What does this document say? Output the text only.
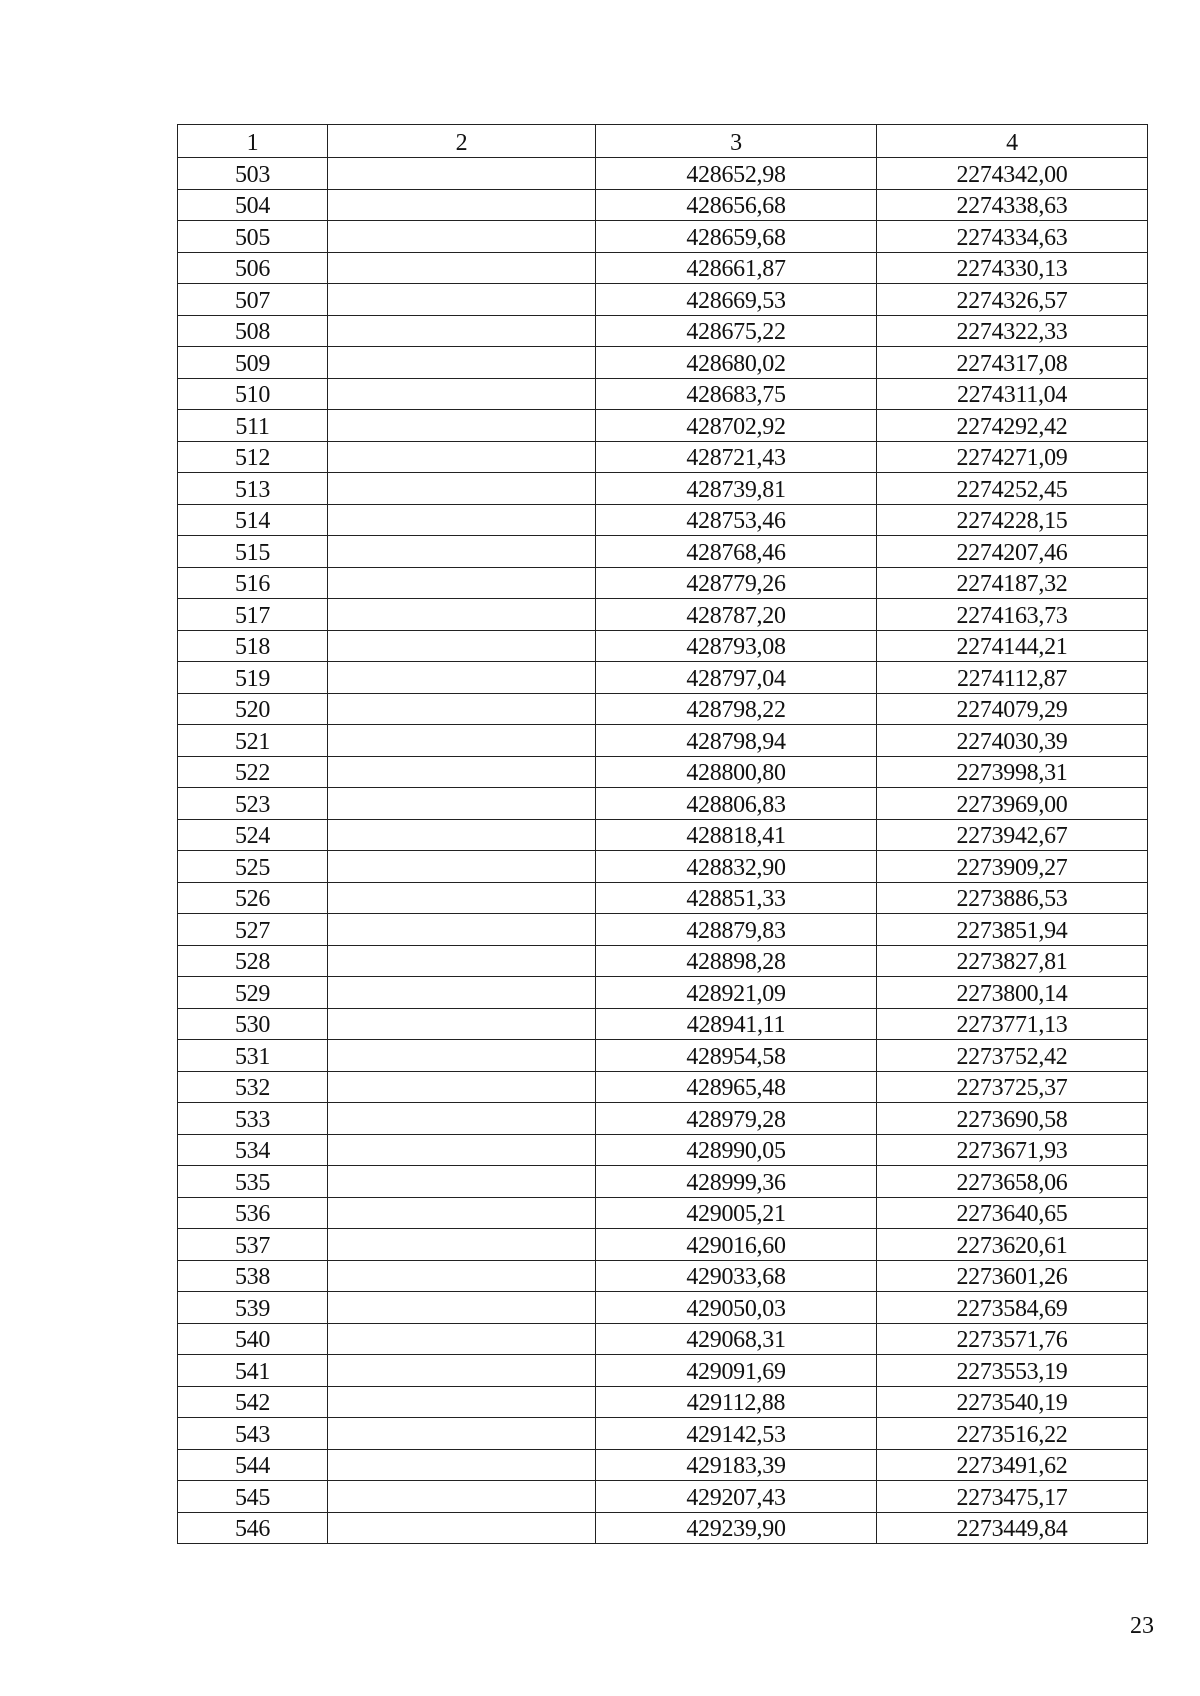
1	2	3	4
503		428652,98	2274342,00
504		428656,68	2274338,63
505		428659,68	2274334,63
506		428661,87	2274330,13
507		428669,53	2274326,57
508		428675,22	2274322,33
509		428680,02	2274317,08
510		428683,75	2274311,04
511		428702,92	2274292,42
512		428721,43	2274271,09
513		428739,81	2274252,45
514		428753,46	2274228,15
515		428768,46	2274207,46
516		428779,26	2274187,32
517		428787,20	2274163,73
518		428793,08	2274144,21
519		428797,04	2274112,87
520		428798,22	2274079,29
521		428798,94	2274030,39
522		428800,80	2273998,31
523		428806,83	2273969,00
524		428818,41	2273942,67
525		428832,90	2273909,27
526		428851,33	2273886,53
527		428879,83	2273851,94
528		428898,28	2273827,81
529		428921,09	2273800,14
530		428941,11	2273771,13
531		428954,58	2273752,42
532		428965,48	2273725,37
533		428979,28	2273690,58
534		428990,05	2273671,93
535		428999,36	2273658,06
536		429005,21	2273640,65
537		429016,60	2273620,61
538		429033,68	2273601,26
539		429050,03	2273584,69
540		429068,31	2273571,76
541		429091,69	2273553,19
542		429112,88	2273540,19
543		429142,53	2273516,22
544		429183,39	2273491,62
545		429207,43	2273475,17
546		429239,90	2273449,84
23
